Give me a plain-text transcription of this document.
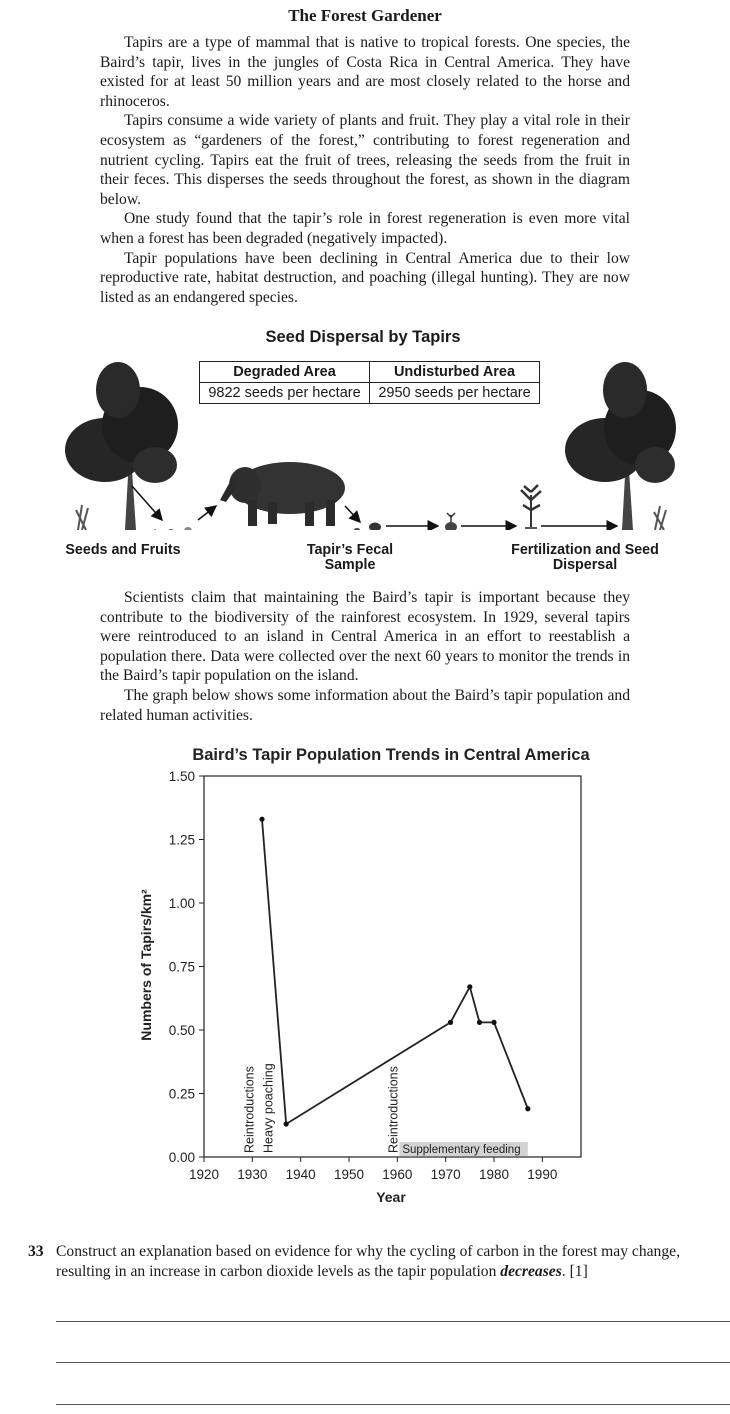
The Forest Gardener

Tapirs are a type of mammal that is native to tropical forests. One species, the Baird’s tapir, lives in the jungles of Costa Rica in Central America. They have existed for at least 50 million years and are most closely related to the horse and rhinoceros.

Tapirs consume a wide variety of plants and fruit. They play a vital role in their ecosystem as “gardeners of the forest,” contributing to forest regeneration and nutrient cycling. Tapirs eat the fruit of trees, releasing the seeds from the fruit in their feces. This disperses the seeds throughout the forest, as shown in the diagram below.

One study found that the tapir’s role in forest regeneration is even more vital when a forest has been degraded (negatively impacted).

Tapir populations have been declining in Central America due to their low reproductive rate, habitat destruction, and poaching (illegal hunting). They are now listed as an endangered species.

Seed Dispersal by Tapirs
Degraded Area	Undisturbed Area
9822 seeds per hectare	2950 seeds per hectare
Seeds and Fruits	Tapir’s Fecal
Sample
Fertilization and Seed
Dispersal

Scientists claim that maintaining the Baird’s tapir is important because they contribute to the biodiversity of the rainforest ecosystem. In 1929, several tapirs were reintroduced to an island in Central America in an effort to reestablish a population there. Data were collected over the next 60 years to monitor the trends in the Baird’s tapir population on the island.

The graph below shows some information about the Baird’s tapir population and related human activities.

Baird’s Tapir Population Trends in Central America
Numbers of Tapirs/km²
Year
Supplementary feeding
0.00
0.25
0.50
0.75
1.00
1.25
1.50
1920 1930 1940 1950 1960 1970 1980 1990
Reintroductions Heavy poaching	Reintroductions
33 Construct an explanation based on evidence for why the cycling of carbon in the forest may change, resulting in an increase in carbon dioxide levels as the tapir population decreases. [1]
